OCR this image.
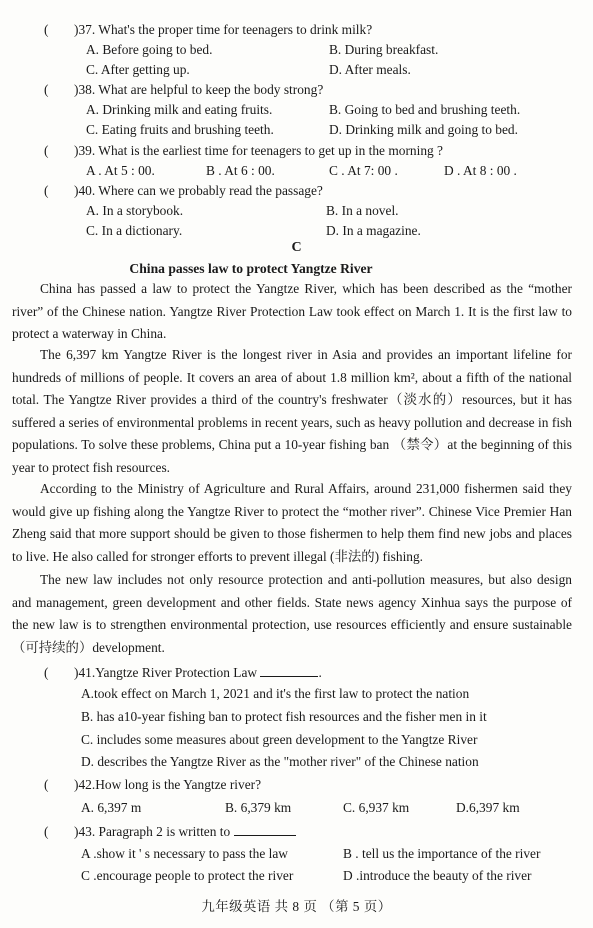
( )37. What's the proper time for teenagers to drink milk?
A. Before going to bed.	B. During breakfast.
C. After getting up.	D. After meals.
( )38. What are helpful to keep the body strong?
A. Drinking milk and eating fruits.	B. Going to bed and brushing teeth.
C. Eating fruits and brushing teeth.	D. Drinking milk and going to bed.
( )39. What is the earliest time for teenagers to get up in the morning ?
A . At 5 : 00.	B . At 6 : 00.	C . At 7: 00 .	D . At 8 : 00 .
( )40. Where can we probably read the passage?
A. In a storybook.	B. In a novel.
C. In a dictionary.	D. In a magazine.
C
China passes law to protect Yangtze River
China has passed a law to protect the Yangtze River, which has been described as the “mother river” of the Chinese nation. Yangtze River Protection Law took effect on March 1. It is the first law to protect a waterway in China.
The 6,397 km Yangtze River is the longest river in Asia and provides an important lifeline for hundreds of millions of people. It covers an area of about 1.8 million km², about a fifth of the national total. The Yangtze River provides a third of the country's freshwater（淡水的）resources, but it has suffered a series of environmental problems in recent years, such as heavy pollution and decrease in fish populations. To solve these problems, China put a 10-year fishing ban （禁令）at the beginning of this year to protect fish resources.
According to the Ministry of Agriculture and Rural Affairs, around 231,000 fishermen said they would give up fishing along the Yangtze River to protect the “mother river”. Chinese Vice Premier Han Zheng said that more support should be given to those fishermen to help them find new jobs and places to live. He also called for stronger efforts to prevent illegal (非法的) fishing.
The new law includes not only resource protection and anti-pollution measures, but also design and management, green development and other fields. State news agency Xinhua says the purpose of the new law is to strengthen environmental protection, use resources efficiently and ensure sustainable（可持续的）development.
( )41.Yangtze River Protection Law	.
A.took effect on March 1, 2021 and it's the first law to protect the nation
B. has a10-year fishing ban to protect fish resources and the fisher men in it
C. includes some measures about green development to the Yangtze River
D. describes the Yangtze River as the "mother river" of the Chinese nation
( )42.How long is the Yangtze river?
A. 6,397 m	B. 6,379 km	C. 6,937 km	D.6,397 km
( )43. Paragraph 2 is written to
A .show it ' s necessary to pass the law	B . tell us the importance of the river
C .encourage people to protect the river	D .introduce the beauty of the river
九年级英语 共 8 页 （第 5 页）
